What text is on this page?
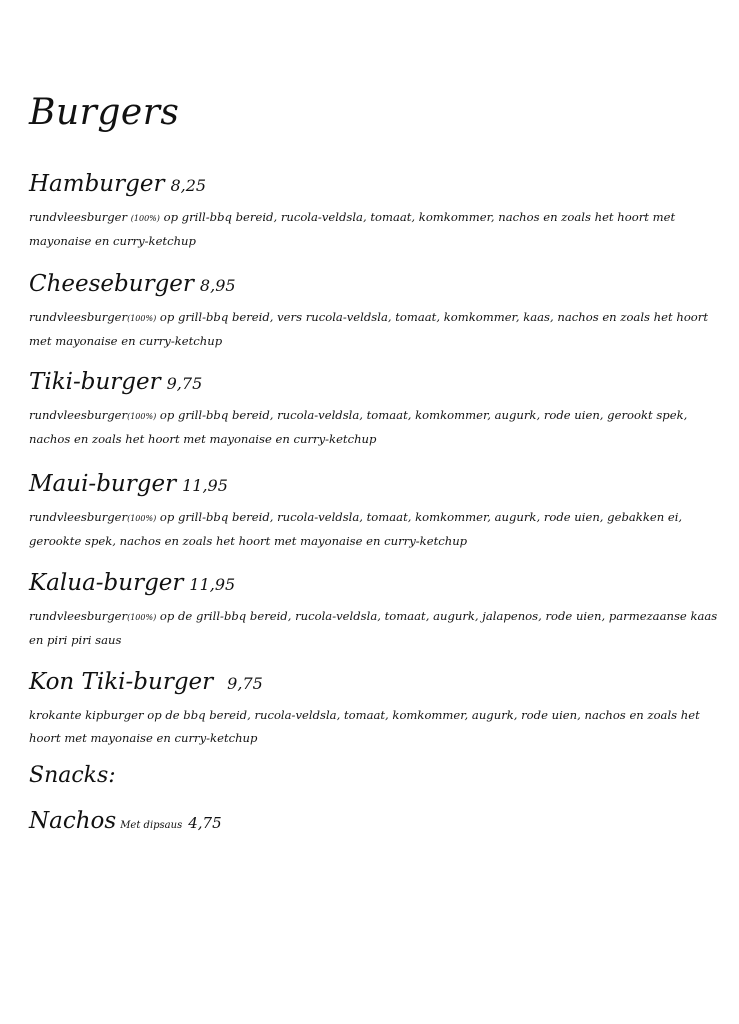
Burgers
Hamburger 8,25
rundvleesburger (100%) op grill-bbq bereid, rucola-veldsla, tomaat, komkommer, nachos en zoals het hoort met mayonaise en curry-ketchup
Cheeseburger 8,95
rundvleesburger(100%) op grill-bbq bereid, vers rucola-veldsla, tomaat, komkommer, kaas, nachos en zoals het hoort met mayonaise en curry-ketchup
Tiki-burger 9,75
rundvleesburger(100%) op grill-bbq bereid, rucola-veldsla, tomaat, komkommer, augurk, rode uien, gerookt spek, nachos en zoals het hoort met mayonaise en curry-ketchup
Maui-burger 11,95
rundvleesburger(100%) op grill-bbq bereid, rucola-veldsla, tomaat, komkommer, augurk, rode uien, gebakken ei, gerookte spek, nachos en zoals het hoort met mayonaise en curry-ketchup
Kalua-burger 11,95
rundvleesburger(100%) op de grill-bbq bereid, rucola-veldsla, tomaat, augurk, jalapenos, rode uien, parmezaanse kaas en piri piri saus
Kon Tiki-burger 9,75
krokante kipburger op de bbq bereid, rucola-veldsla, tomaat, komkommer, augurk, rode uien, nachos en zoals het hoort met mayonaise en curry-ketchup
Snacks:
Nachos Met dipsaus 4,75
